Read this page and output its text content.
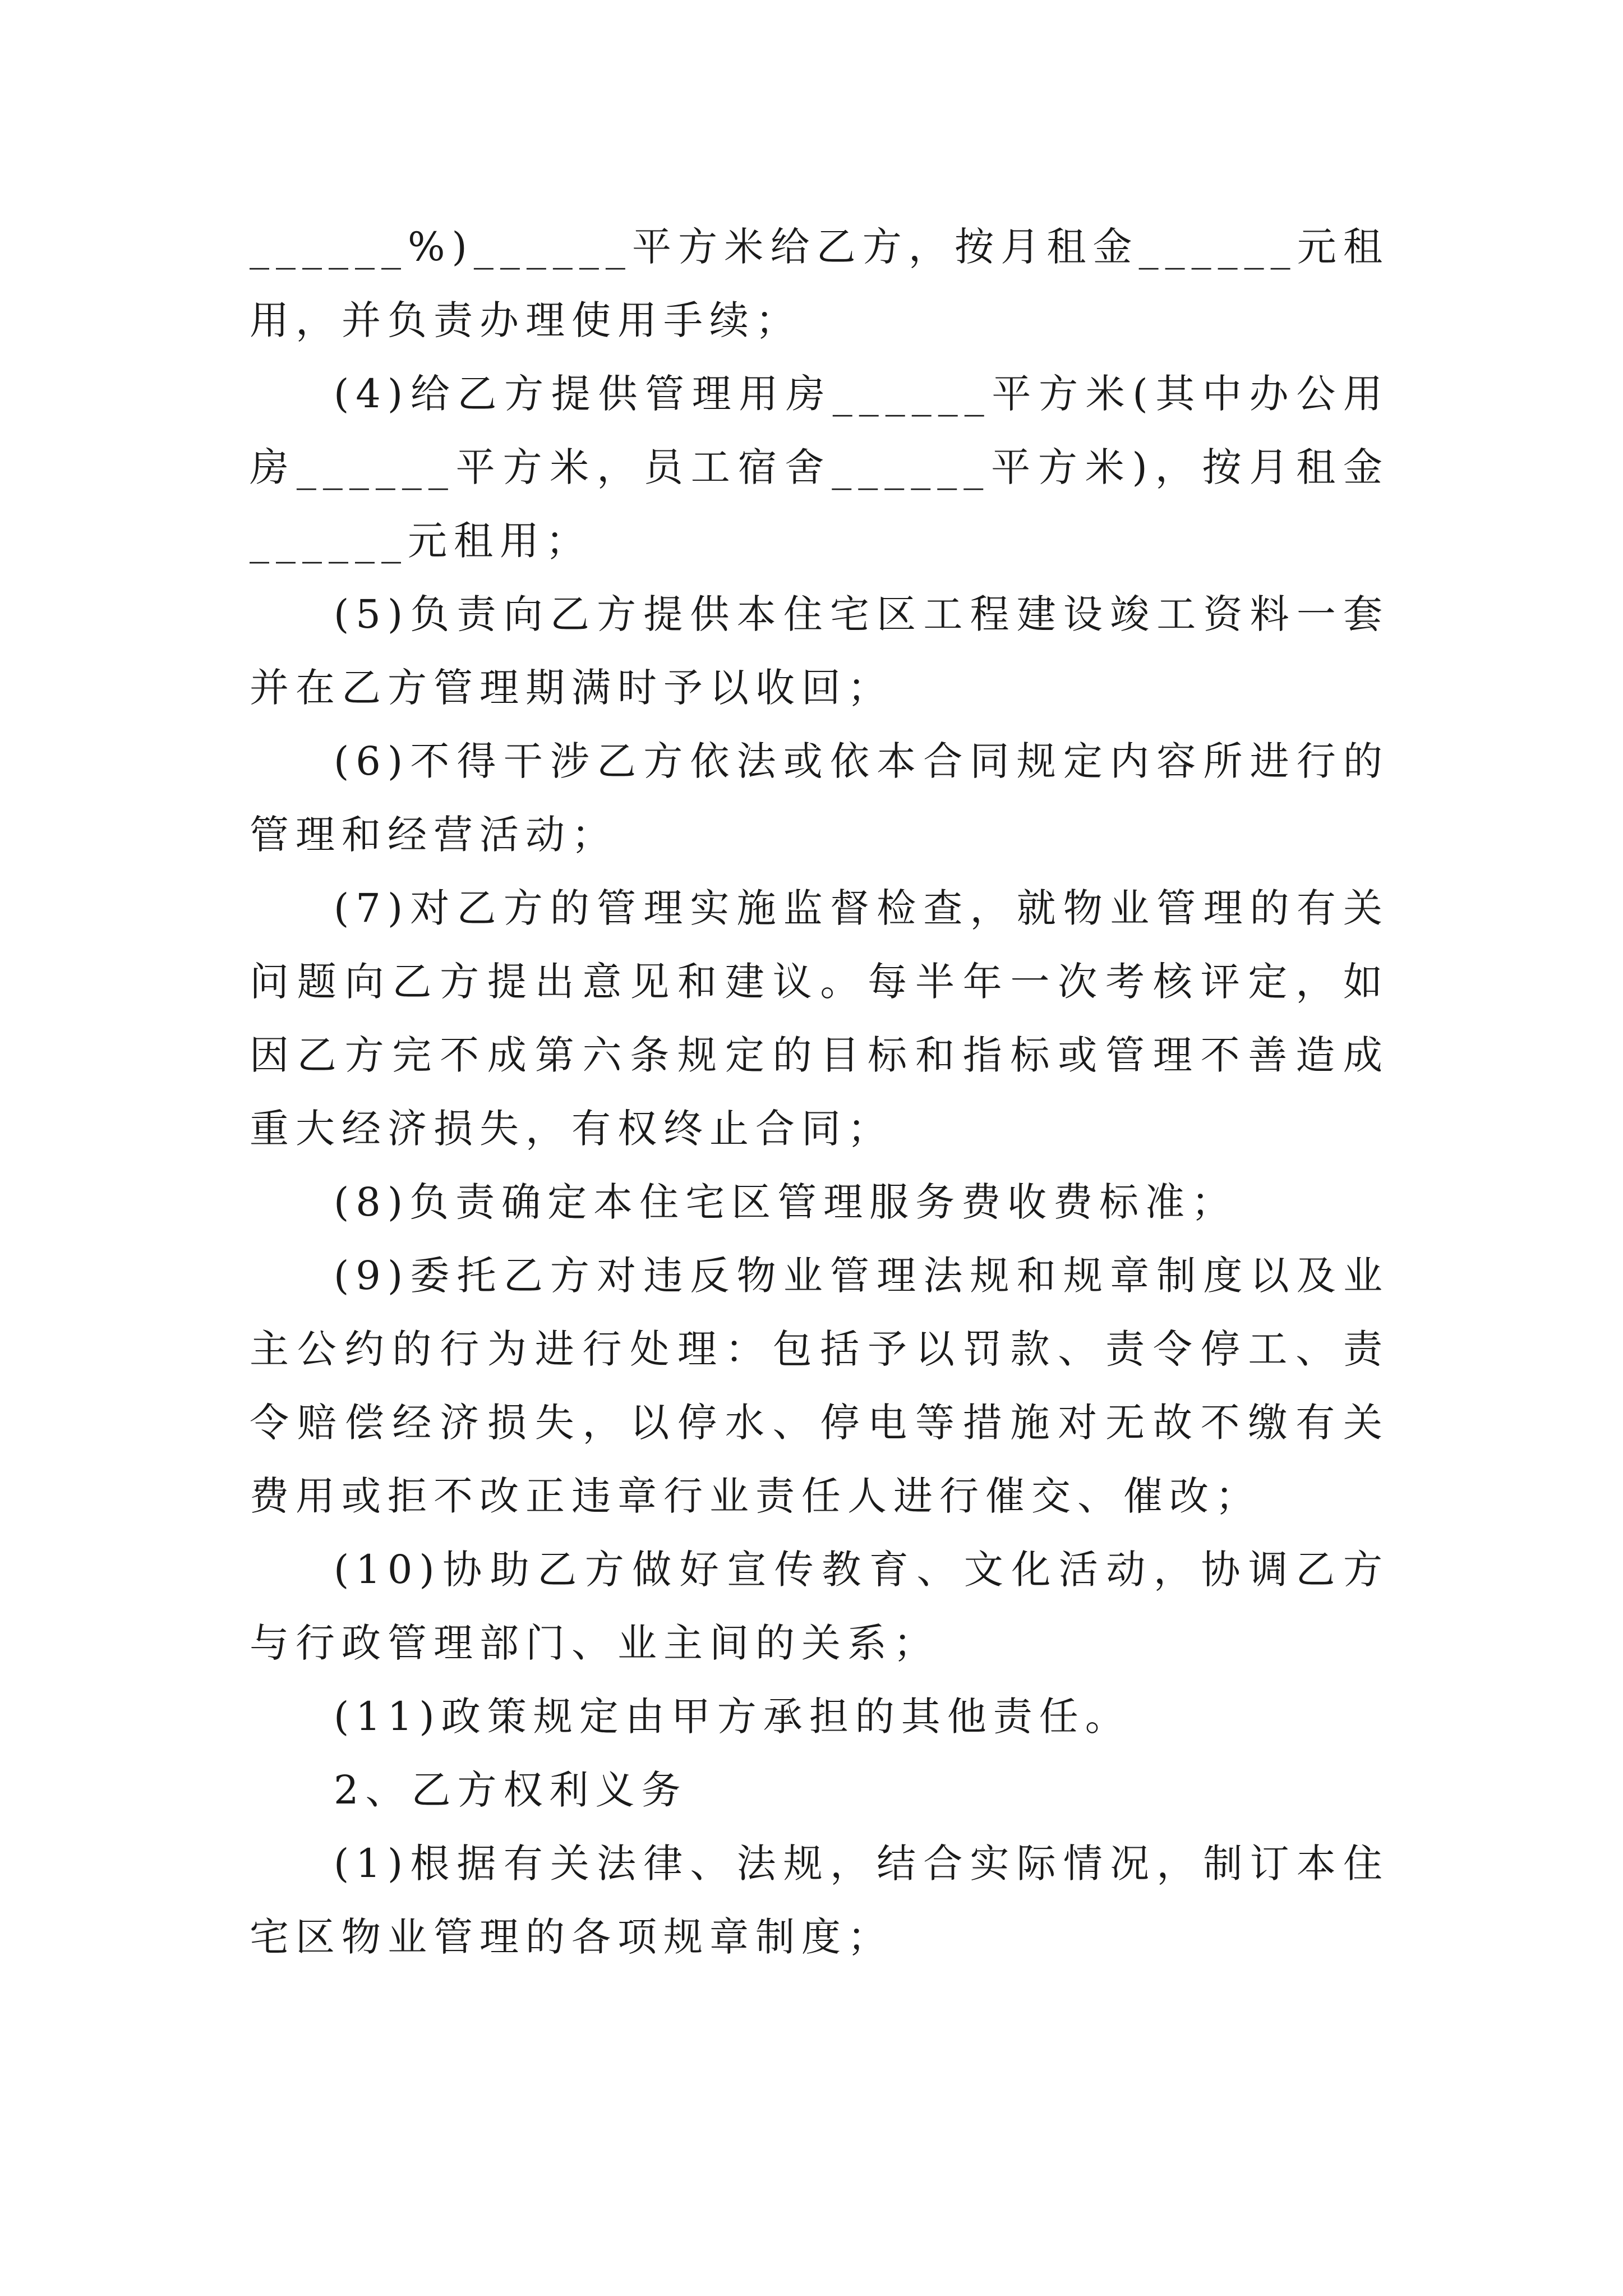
______%)______平方米给乙方，按月租金______元租用，并负责办理使用手续；

(4)给乙方提供管理用房______平方米(其中办公用房______平方米，员工宿舍______平方米)，按月租金______元租用；

(5)负责向乙方提供本住宅区工程建设竣工资料一套并在乙方管理期满时予以收回；

(6)不得干涉乙方依法或依本合同规定内容所进行的管理和经营活动；

(7)对乙方的管理实施监督检查，就物业管理的有关问题向乙方提出意见和建议。每半年一次考核评定，如因乙方完不成第六条规定的目标和指标或管理不善造成重大经济损失，有权终止合同；

(8)负责确定本住宅区管理服务费收费标准；

(9)委托乙方对违反物业管理法规和规章制度以及业主公约的行为进行处理：包括予以罚款、责令停工、责令赔偿经济损失，以停水、停电等措施对无故不缴有关费用或拒不改正违章行业责任人进行催交、催改；

(10)协助乙方做好宣传教育、文化活动，协调乙方与行政管理部门、业主间的关系；

(11)政策规定由甲方承担的其他责任。

2、乙方权利义务

(1)根据有关法律、法规，结合实际情况，制订本住宅区物业管理的各项规章制度；
